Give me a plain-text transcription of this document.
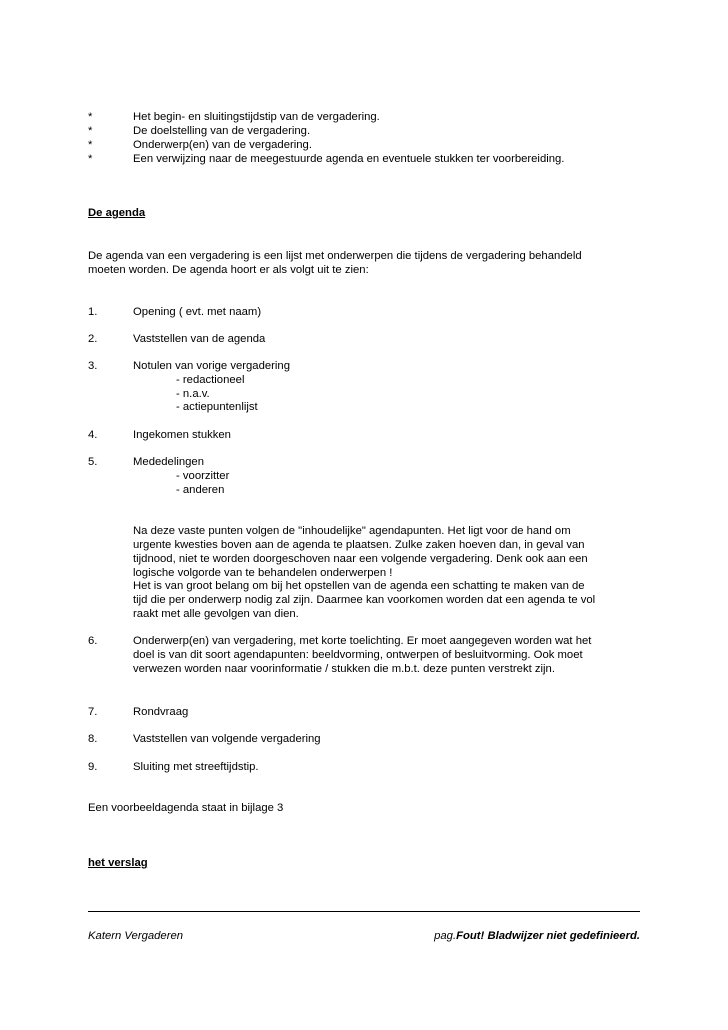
*	Het begin- en sluitingstijdstip van de vergadering.
*	De doelstelling van de vergadering.
*	Onderwerp(en) van de vergadering.
*	Een verwijzing naar de meegestuurde agenda en eventuele stukken ter voorbereiding.
De agenda
De agenda van een vergadering is een lijst met onderwerpen die tijdens de vergadering behandeld
moeten worden. De agenda hoort er als volgt uit te zien:
1.	Opening ( evt. met naam)
2.	Vaststellen van de agenda
3.	Notulen van vorige vergadering
- redactioneel
- n.a.v.
- actiepuntenlijst
4.	Ingekomen stukken
5.	Mededelingen
- voorzitter
- anderen
Na deze vaste punten volgen de "inhoudelijke" agendapunten. Het ligt voor de hand om
urgente kwesties boven aan de agenda te plaatsen. Zulke zaken hoeven dan, in geval van
tijdnood, niet te worden doorgeschoven naar een volgende vergadering. Denk ook aan een
logische volgorde van te behandelen onderwerpen !
Het is van groot belang om bij het opstellen van de agenda een schatting te maken van de
tijd die per onderwerp nodig zal zijn. Daarmee kan voorkomen worden dat een agenda te vol
raakt met alle gevolgen van dien.
6.	Onderwerp(en) van vergadering, met korte toelichting. Er moet aangegeven worden wat het
doel is van dit soort agendapunten: beeldvorming, ontwerpen of besluitvorming. Ook moet
verwezen worden naar voorinformatie / stukken die m.b.t. deze punten verstrekt zijn.
7.	Rondvraag
8.	Vaststellen van volgende vergadering
9.	Sluiting met streeftijdstip.
Een voorbeeldagenda staat in bijlage 3
het verslag
Katern Vergaderen	pag.Fout! Bladwijzer niet gedefinieerd.
